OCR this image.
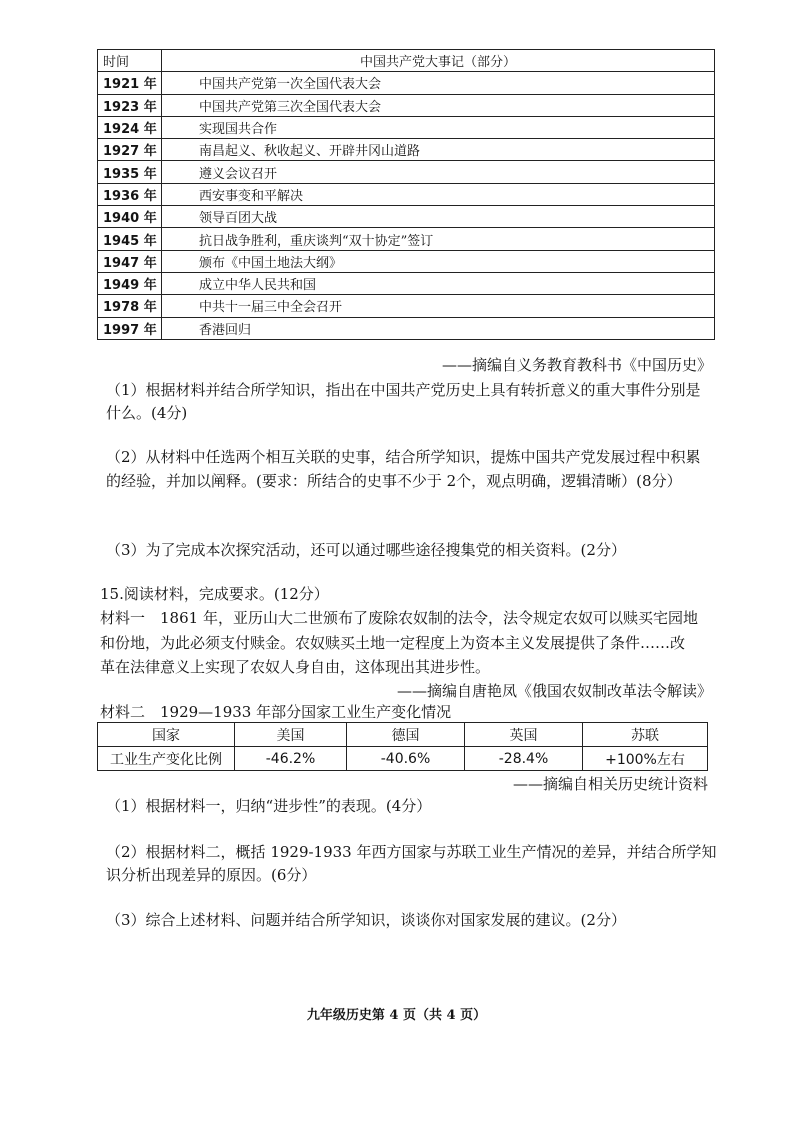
时间	中国共产党大事记（部分）
1921 年	中国共产党第一次全国代表大会
1923 年	中国共产党第三次全国代表大会
1924 年	实现国共合作
1927 年	南昌起义、秋收起义、开辟井冈山道路
1935 年	遵义会议召开
1936 年	西安事变和平解决
1940 年	领导百团大战
1945 年	抗日战争胜利，重庆谈判“双十协定”签订
1947 年	颁布《中国土地法大纲》
1949 年	成立中华人民共和国
1978 年	中共十一届三中全会召开
1997 年	香港回归
——摘编自义务教育教科书《中国历史》
（1）根据材料并结合所学知识，指出在中国共产党历史上具有转折意义的重大事件分别是
什么。(4分)
（2）从材料中任选两个相互关联的史事，结合所学知识，提炼中国共产党发展过程中积累
的经验，并加以阐释。(要求：所结合的史事不少于 2个，观点明确，逻辑清晰）(8分）
（3）为了完成本次探究活动，还可以通过哪些途径搜集党的相关资料。(2分）
15.阅读材料，完成要求。(12分）
材料一　1861 年，亚历山大二世颁布了废除农奴制的法令，法令规定农奴可以赎买宅园地
和份地，为此必须支付赎金。农奴赎买土地一定程度上为资本主义发展提供了条件……改
革在法律意义上实现了农奴人身自由，这体现出其进步性。
——摘编自唐艳凤《俄国农奴制改革法令解读》
材料二　1929—1933 年部分国家工业生产变化情况
国家	美国	德国	英国	苏联
工业生产变化比例	-46.2%	-40.6%	-28.4%	+100%左右
——摘编自相关历史统计资料
（1）根据材料一，归纳“进步性”的表现。(4分）
（2）根据材料二，概括 1929-1933 年西方国家与苏联工业生产情况的差异，并结合所学知
识分析出现差异的原因。(6分）
（3）综合上述材料、问题并结合所学知识，谈谈你对国家发展的建议。(2分）
九年级历史第 4 页（共 4 页）
